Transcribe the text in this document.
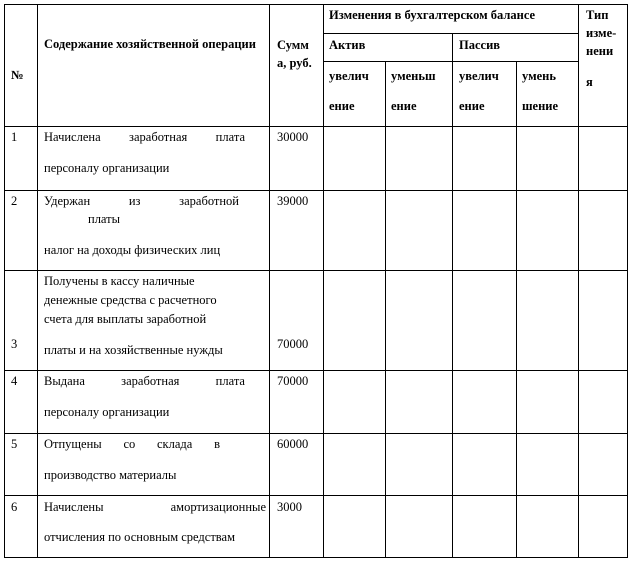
№
Содержание хозяйственной операции Сумм
а, руб.
Изменения в бухгалтерском балансе
Актив	Пассив
увелич
ение
уменьш
ение
увелич
ение
умень
шение
Тип
изме-
нени
я
1 Начислена заработная плата
персоналу организации
30000
2 Удержан из заработной
платы
налог на доходы физических лиц
39000
3
Получены в кассу наличные
денежные средства с расчетного
счета для выплаты заработной
платы и на хозяйственные нужды	70000
4 Выдана заработная плата
персоналу организации
70000
5 Отпущены со склада в
производство материалы
60000
6 Начислены амортизационные
отчисления по основным средствам
3000
